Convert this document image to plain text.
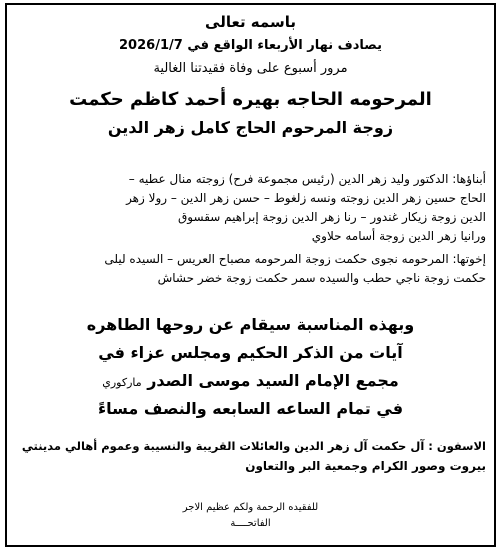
باسمه تعالى
يصادف نهار الأربعاء الواقع في 2026/1/7
مرور أسبوع على وفاة فقيدتنا الغالية
المرحومه الحاجه بهيره أحمد كاظم حكمت
زوجة المرحوم الحاج كامل زهر الدين
أبناؤها: الدكتور وليد زهر الدين (رئيس مجموعة فرح) زوجته منال عطيه –
الحاج حسين زهر الدين زوجته ونسه زلغوط – حسن زهر الدين – رولا زهر
الدين زوجة زيكار غندور – رنا زهر الدين زوجة إبراهيم سقسوق
ورانيا زهر الدين زوجة أسامه حلاوي
إخوتها: المرحومه نجوى حكمت زوجة المرحومه مصباح العريس – السيده ليلى
حكمت زوجة ناجي حطب والسيده سمر حكمت زوجة خضر حشاش
وبهذه المناسبة سيقام عن روحها الطاهره
آيات من الذكر الحكيم ومجلس عزاء في
مجمع الإمام السيد موسى الصدر ماركوري
في تمام الساعه السابعه والنصف مساءً
الاسفون : آل حكمت آل زهر الدين والعائلات القريبة والنسيبة وعموم أهالي مدينتي
بيروت وصور الكرام وجمعية البر والتعاون
للفقيده الرحمة ولكم عظيم الاجر
الفاتحــــة
